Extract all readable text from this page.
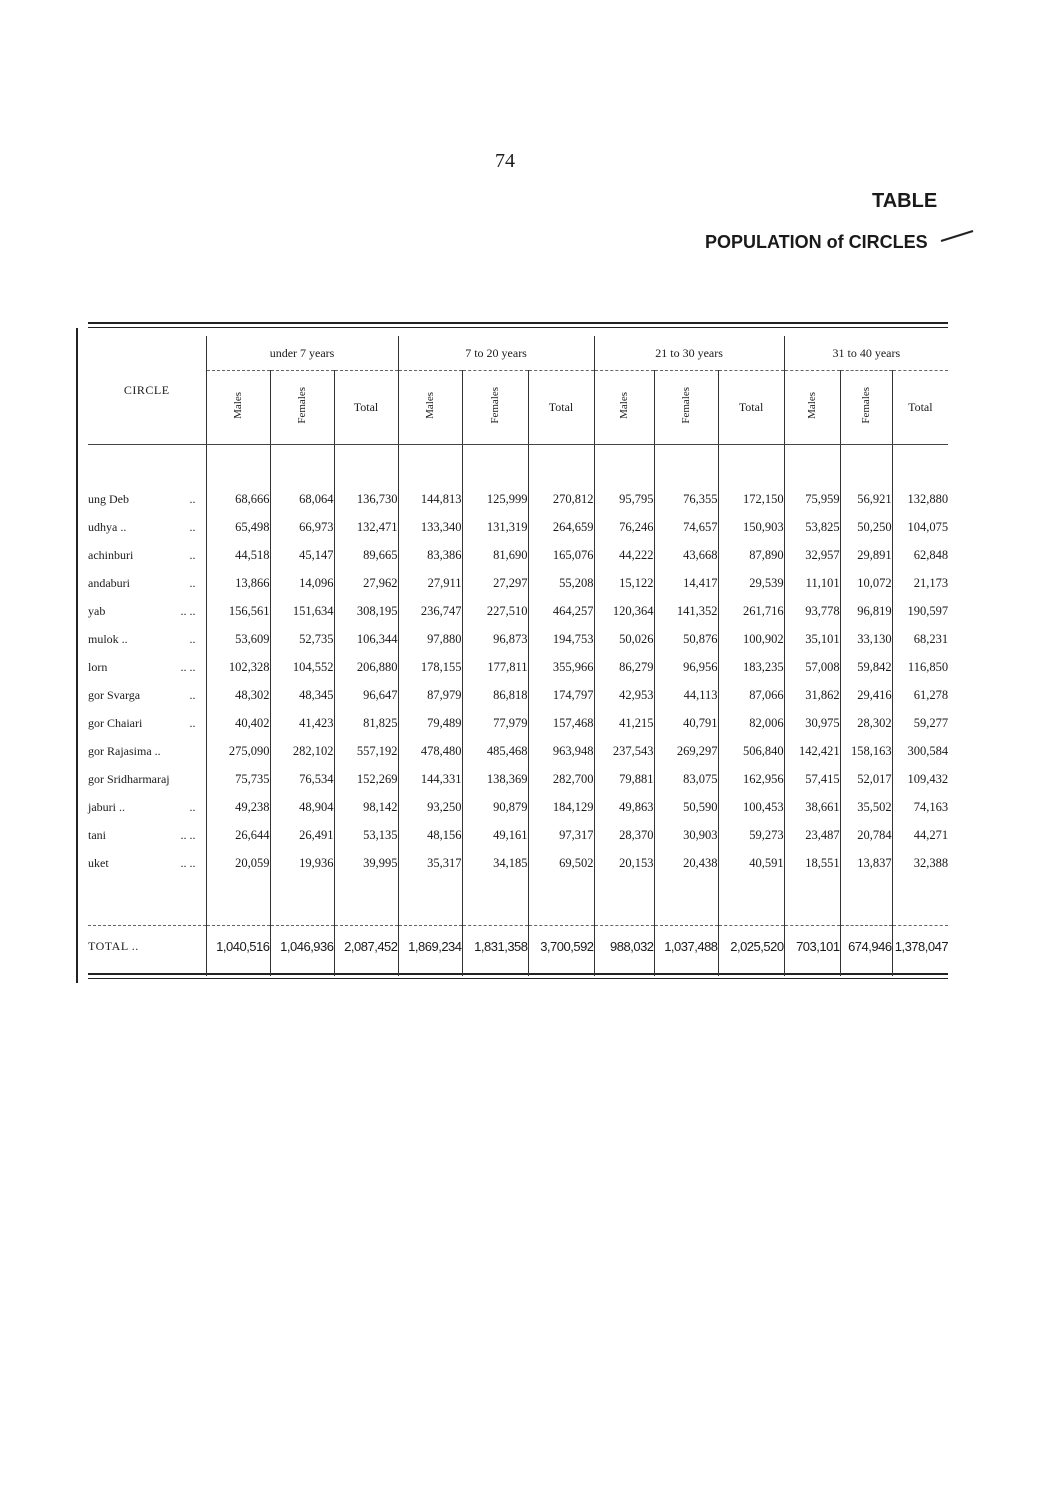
74
TABLE
POPULATION of CIRCLES
CIRCLE	under 7 years			7 to 20 years			21 to 30 years			31 to 40 years		
	Males	Females	Total	Males	Females	Total	Males	Females	Total	Males	Females	Total

ung Deb ..	68,666	68,064	136,730	144,813	125,999	270,812	95,795	76,355	172,150	75,959	56,921	132,880
udhya .. ..	65,498	66,973	132,471	133,340	131,319	264,659	76,246	74,657	150,903	53,825	50,250	104,075
achinburi ..	44,518	45,147	89,665	83,386	81,690	165,076	44,222	43,668	87,890	32,957	29,891	62,848
andaburi ..	13,866	14,096	27,962	27,911	27,297	55,208	15,122	14,417	29,539	11,101	10,072	21,173
yab .. ..	156,561	151,634	308,195	236,747	227,510	464,257	120,364	141,352	261,716	93,778	96,819	190,597
mulok .. ..	53,609	52,735	106,344	97,880	96,873	194,753	50,026	50,876	100,902	35,101	33,130	68,231
lorn .. ..	102,328	104,552	206,880	178,155	177,811	355,966	86,279	96,956	183,235	57,008	59,842	116,850
gor Svarga ..	48,302	48,345	96,647	87,979	86,818	174,797	42,953	44,113	87,066	31,862	29,416	61,278
gor Chaiari ..	40,402	41,423	81,825	79,489	77,979	157,468	41,215	40,791	82,006	30,975	28,302	59,277
gor Rajasima ..	275,090	282,102	557,192	478,480	485,468	963,948	237,543	269,297	506,840	142,421	158,163	300,584
gor Sridharmaraj	75,735	76,534	152,269	144,331	138,369	282,700	79,881	83,075	162,956	57,415	52,017	109,432
jaburi .. ..	49,238	48,904	98,142	93,250	90,879	184,129	49,863	50,590	100,453	38,661	35,502	74,163
tani .. ..	26,644	26,491	53,135	48,156	49,161	97,317	28,370	30,903	59,273	23,487	20,784	44,271
uket .. ..	20,059	19,936	39,995	35,317	34,185	69,502	20,153	20,438	40,591	18,551	13,837	32,388

TOTAL ..	1,040,516	1,046,936	2,087,452	1,869,234	1,831,358	3,700,592	988,032	1,037,488	2,025,520	703,101	674,946	1,378,047
